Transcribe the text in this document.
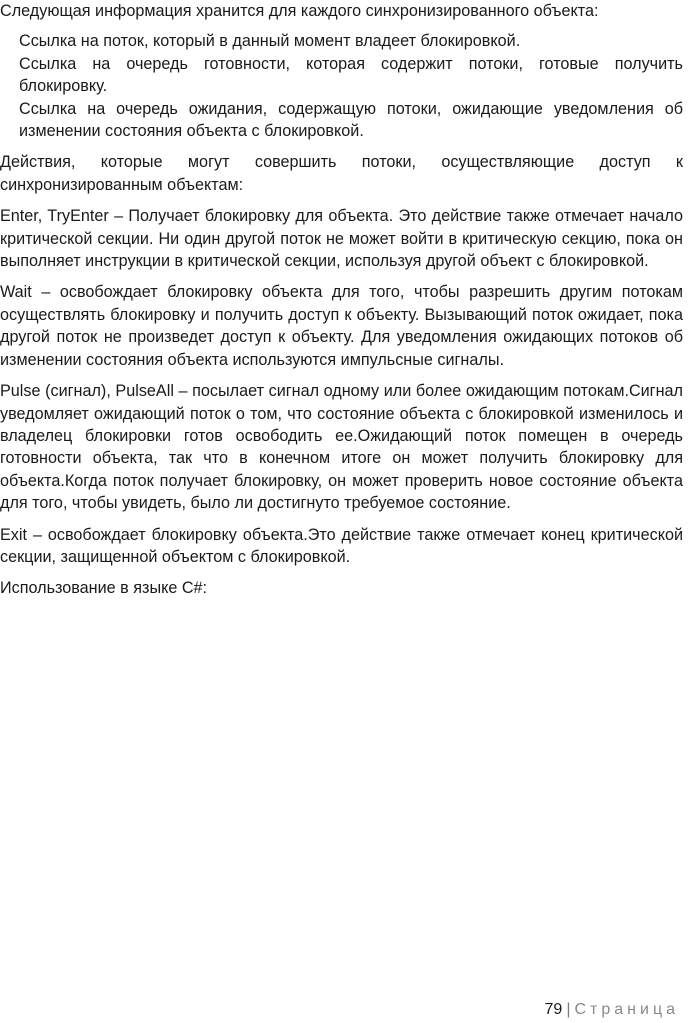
Следующая информация хранится для каждого синхронизированного объекта:

Ссылка на поток, который в данный момент владеет блокировкой.

Ссылка на очередь готовности, которая содержит потоки, готовые получить блокировку.

Ссылка на очередь ожидания, содержащую потоки, ожидающие уведомления об изменении состояния объекта с блокировкой.

Действия, которые могут совершить потоки, осуществляющие доступ к синхронизированным объектам:

Enter, TryEnter – Получает блокировку для объекта. Это действие также отмечает начало критической секции. Ни один другой поток не может войти в критическую секцию, пока он выполняет инструкции в критической секции, используя другой объект с блокировкой.

Wait – освобождает блокировку объекта для того, чтобы разрешить другим потокам осуществлять блокировку и получить доступ к объекту. Вызывающий поток ожидает, пока другой поток не произведет доступ к объекту. Для уведомления ожидающих потоков об изменении состояния объекта используются импульсные сигналы.

Pulse (сигнал), PulseAll – посылает сигнал одному или более ожидающим потокам.Сигнал уведомляет ожидающий поток о том, что состояние объекта с блокировкой изменилось и владелец блокировки готов освободить ее.Ожидающий поток помещен в очередь готовности объекта, так что в конечном итоге он может получить блокировку для объекта.Когда поток получает блокировку, он может проверить новое состояние объекта для того, чтобы увидеть, было ли достигнуто требуемое состояние.

Exit – освобождает блокировку объекта.Это действие также отмечает конец критической секции, защищенной объектом с блокировкой.

Использование в языке C#:

79 | Страница
